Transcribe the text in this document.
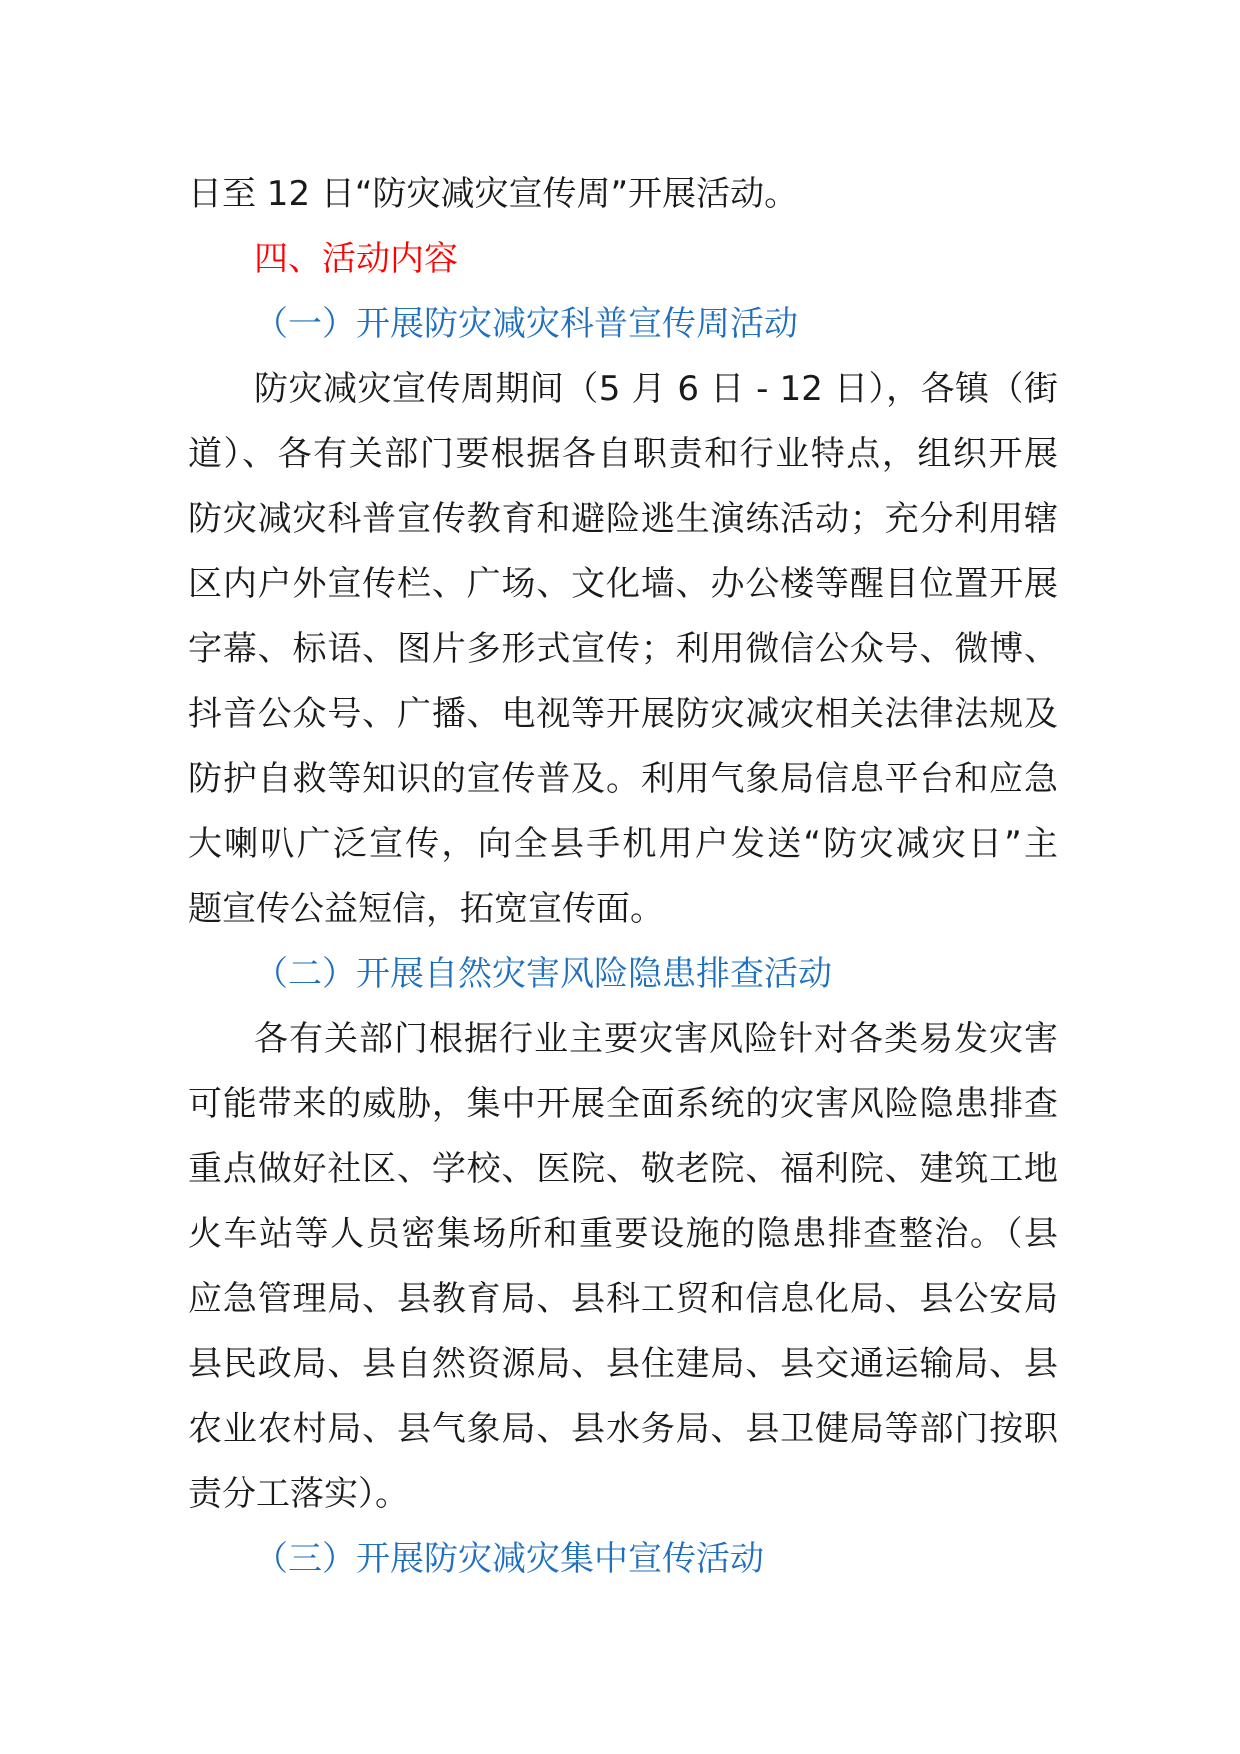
日至 12 日“防灾减灾宣传周”开展活动。
四、活动内容
（一）开展防灾减灾科普宣传周活动
防灾减灾宣传周期间（5 月 6 日 - 12 日），各镇（街
道）、各有关部门要根据各自职责和行业特点，组织开展
防灾减灾科普宣传教育和避险逃生演练活动；充分利用辖
区内户外宣传栏、广场、文化墙、办公楼等醒目位置开展
字幕、标语、图片多形式宣传；利用微信公众号、微博、
抖音公众号、广播、电视等开展防灾减灾相关法律法规及
防护自救等知识的宣传普及。利用气象局信息平台和应急
大喇叭广泛宣传，向全县手机用户发送“防灾减灾日”主
题宣传公益短信，拓宽宣传面。
（二）开展自然灾害风险隐患排查活动
各有关部门根据行业主要灾害风险针对各类易发灾害
可能带来的威胁，集中开展全面系统的灾害风险隐患排查
重点做好社区、学校、医院、敬老院、福利院、建筑工地
火车站等人员密集场所和重要设施的隐患排查整治。（县
应急管理局、县教育局、县科工贸和信息化局、县公安局
县民政局、县自然资源局、县住建局、县交通运输局、县
农业农村局、县气象局、县水务局、县卫健局等部门按职
责分工落实）。
（三）开展防灾减灾集中宣传活动
